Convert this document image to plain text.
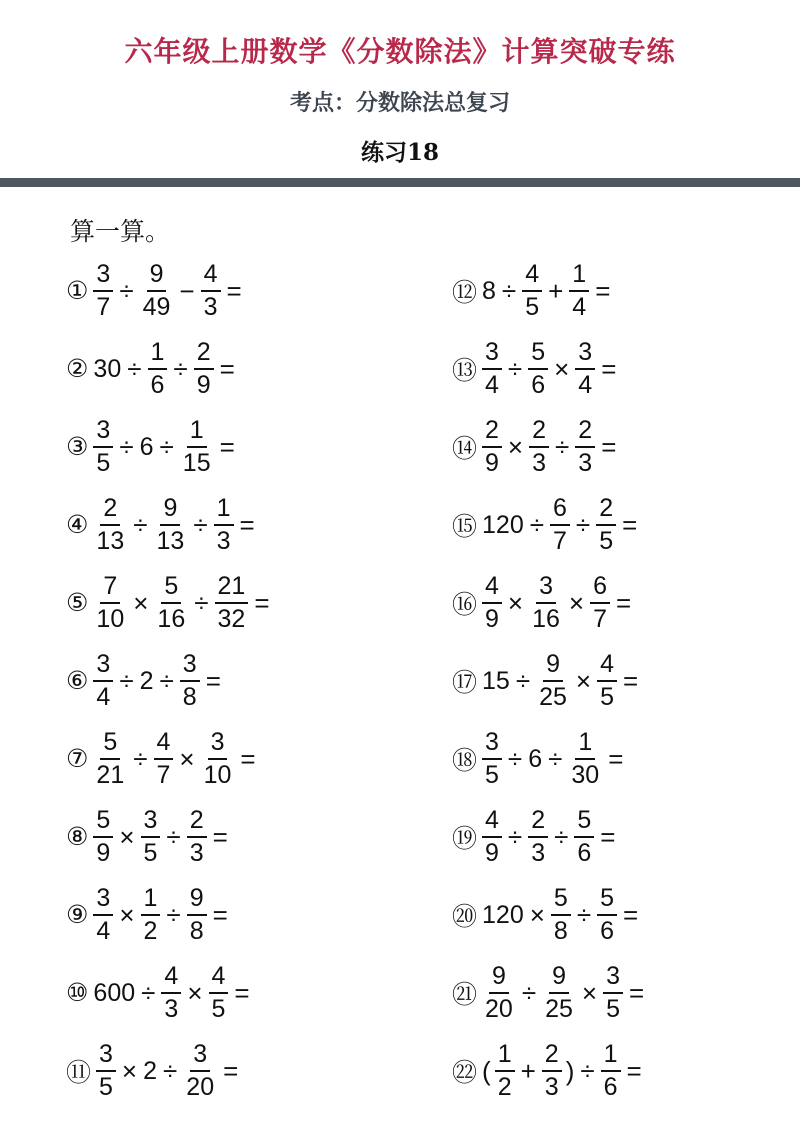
六年级上册数学《分数除法》计算突破专练
考点：分数除法总复习
练习18
算一算。
① $\frac{3}{7} \div \frac{9}{49} - \frac{4}{3}$ =
② $30 \div \frac{1}{6} \div \frac{2}{9}$ =
③ $\frac{3}{5} \div 6 \div \frac{1}{15}$ =
④ $\frac{2}{13} \div \frac{9}{13} \div \frac{1}{3}$ =
⑤ $\frac{7}{10} \times \frac{5}{16} \div \frac{21}{32}$ =
⑥ $\frac{3}{4} \div 2 \div \frac{3}{8}$ =
⑦ $\frac{5}{21} \div \frac{4}{7} \times \frac{3}{10}$ =
⑧ $\frac{5}{9} \times \frac{3}{5} \div \frac{2}{3}$ =
⑨ $\frac{3}{4} \times \frac{1}{2} \div \frac{9}{8}$ =
⑩ $600 \div \frac{4}{3} \times \frac{4}{5}$ =
⑪ $\frac{3}{5} \times 2 \div \frac{3}{20}$ =
⑫ $8 \div \frac{4}{5} + \frac{1}{4}$ =
⑬ $\frac{3}{4} \div \frac{5}{6} \times \frac{3}{4}$ =
⑭ $\frac{2}{9} \times \frac{2}{3} \div \frac{2}{3}$ =
⑮ $120 \div \frac{6}{7} \div \frac{2}{5}$ =
⑯ $\frac{4}{9} \times \frac{3}{16} \times \frac{6}{7}$ =
⑰ $15 \div \frac{9}{25} \times \frac{4}{5}$ =
⑱ $\frac{3}{5} \div 6 \div \frac{1}{30}$ =
⑲ $\frac{4}{9} \div \frac{2}{3} \div \frac{5}{6}$ =
⑳ $120 \times \frac{5}{8} \div \frac{5}{6}$ =
㉑ $\frac{9}{20} \div \frac{9}{25} \times \frac{3}{5}$ =
㉒ ( $\frac{1}{2} + \frac{2}{3}$ ) ÷ $\frac{1}{6}$ =
